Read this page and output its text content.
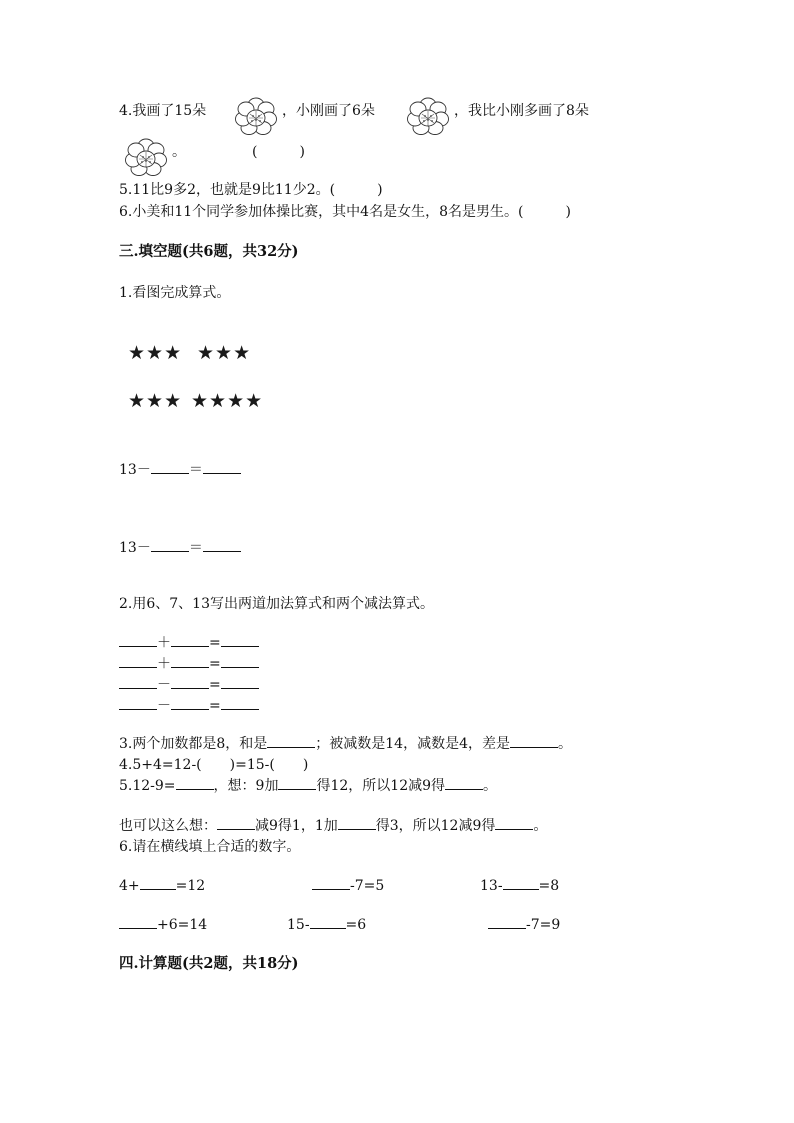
4.我画了15朵	，小刚画了6朵	，我比小刚多画了8朵
。	(　　　)
5.11比9多2，也就是9比11少2。(　　　)
6.小美和11个同学参加体操比赛，其中4名是女生，8名是男生。(　　　)
三.填空题(共6题，共32分)
1.看图完成算式。
★★★ ★★★
★★★ ★★★★
13－	＝
13－	＝
2.用6、7、13写出两道加法算式和两个减法算式。
＋	=
＋	=
－	=
－	=
3.两个加数都是8，和是	；被减数是14，减数是4，差是	。
4.5+4=12-(　　)=15-(　　)
5.12-9=	，想：9加	得12，所以12减9得	。
也可以这么想：	减9得1，1加	得3，所以12减9得	。
6.请在横线填上合适的数字。
4+	=12	-7=5	13-	=8
+6=14	15-	=6	-7=9
四.计算题(共2题，共18分)
